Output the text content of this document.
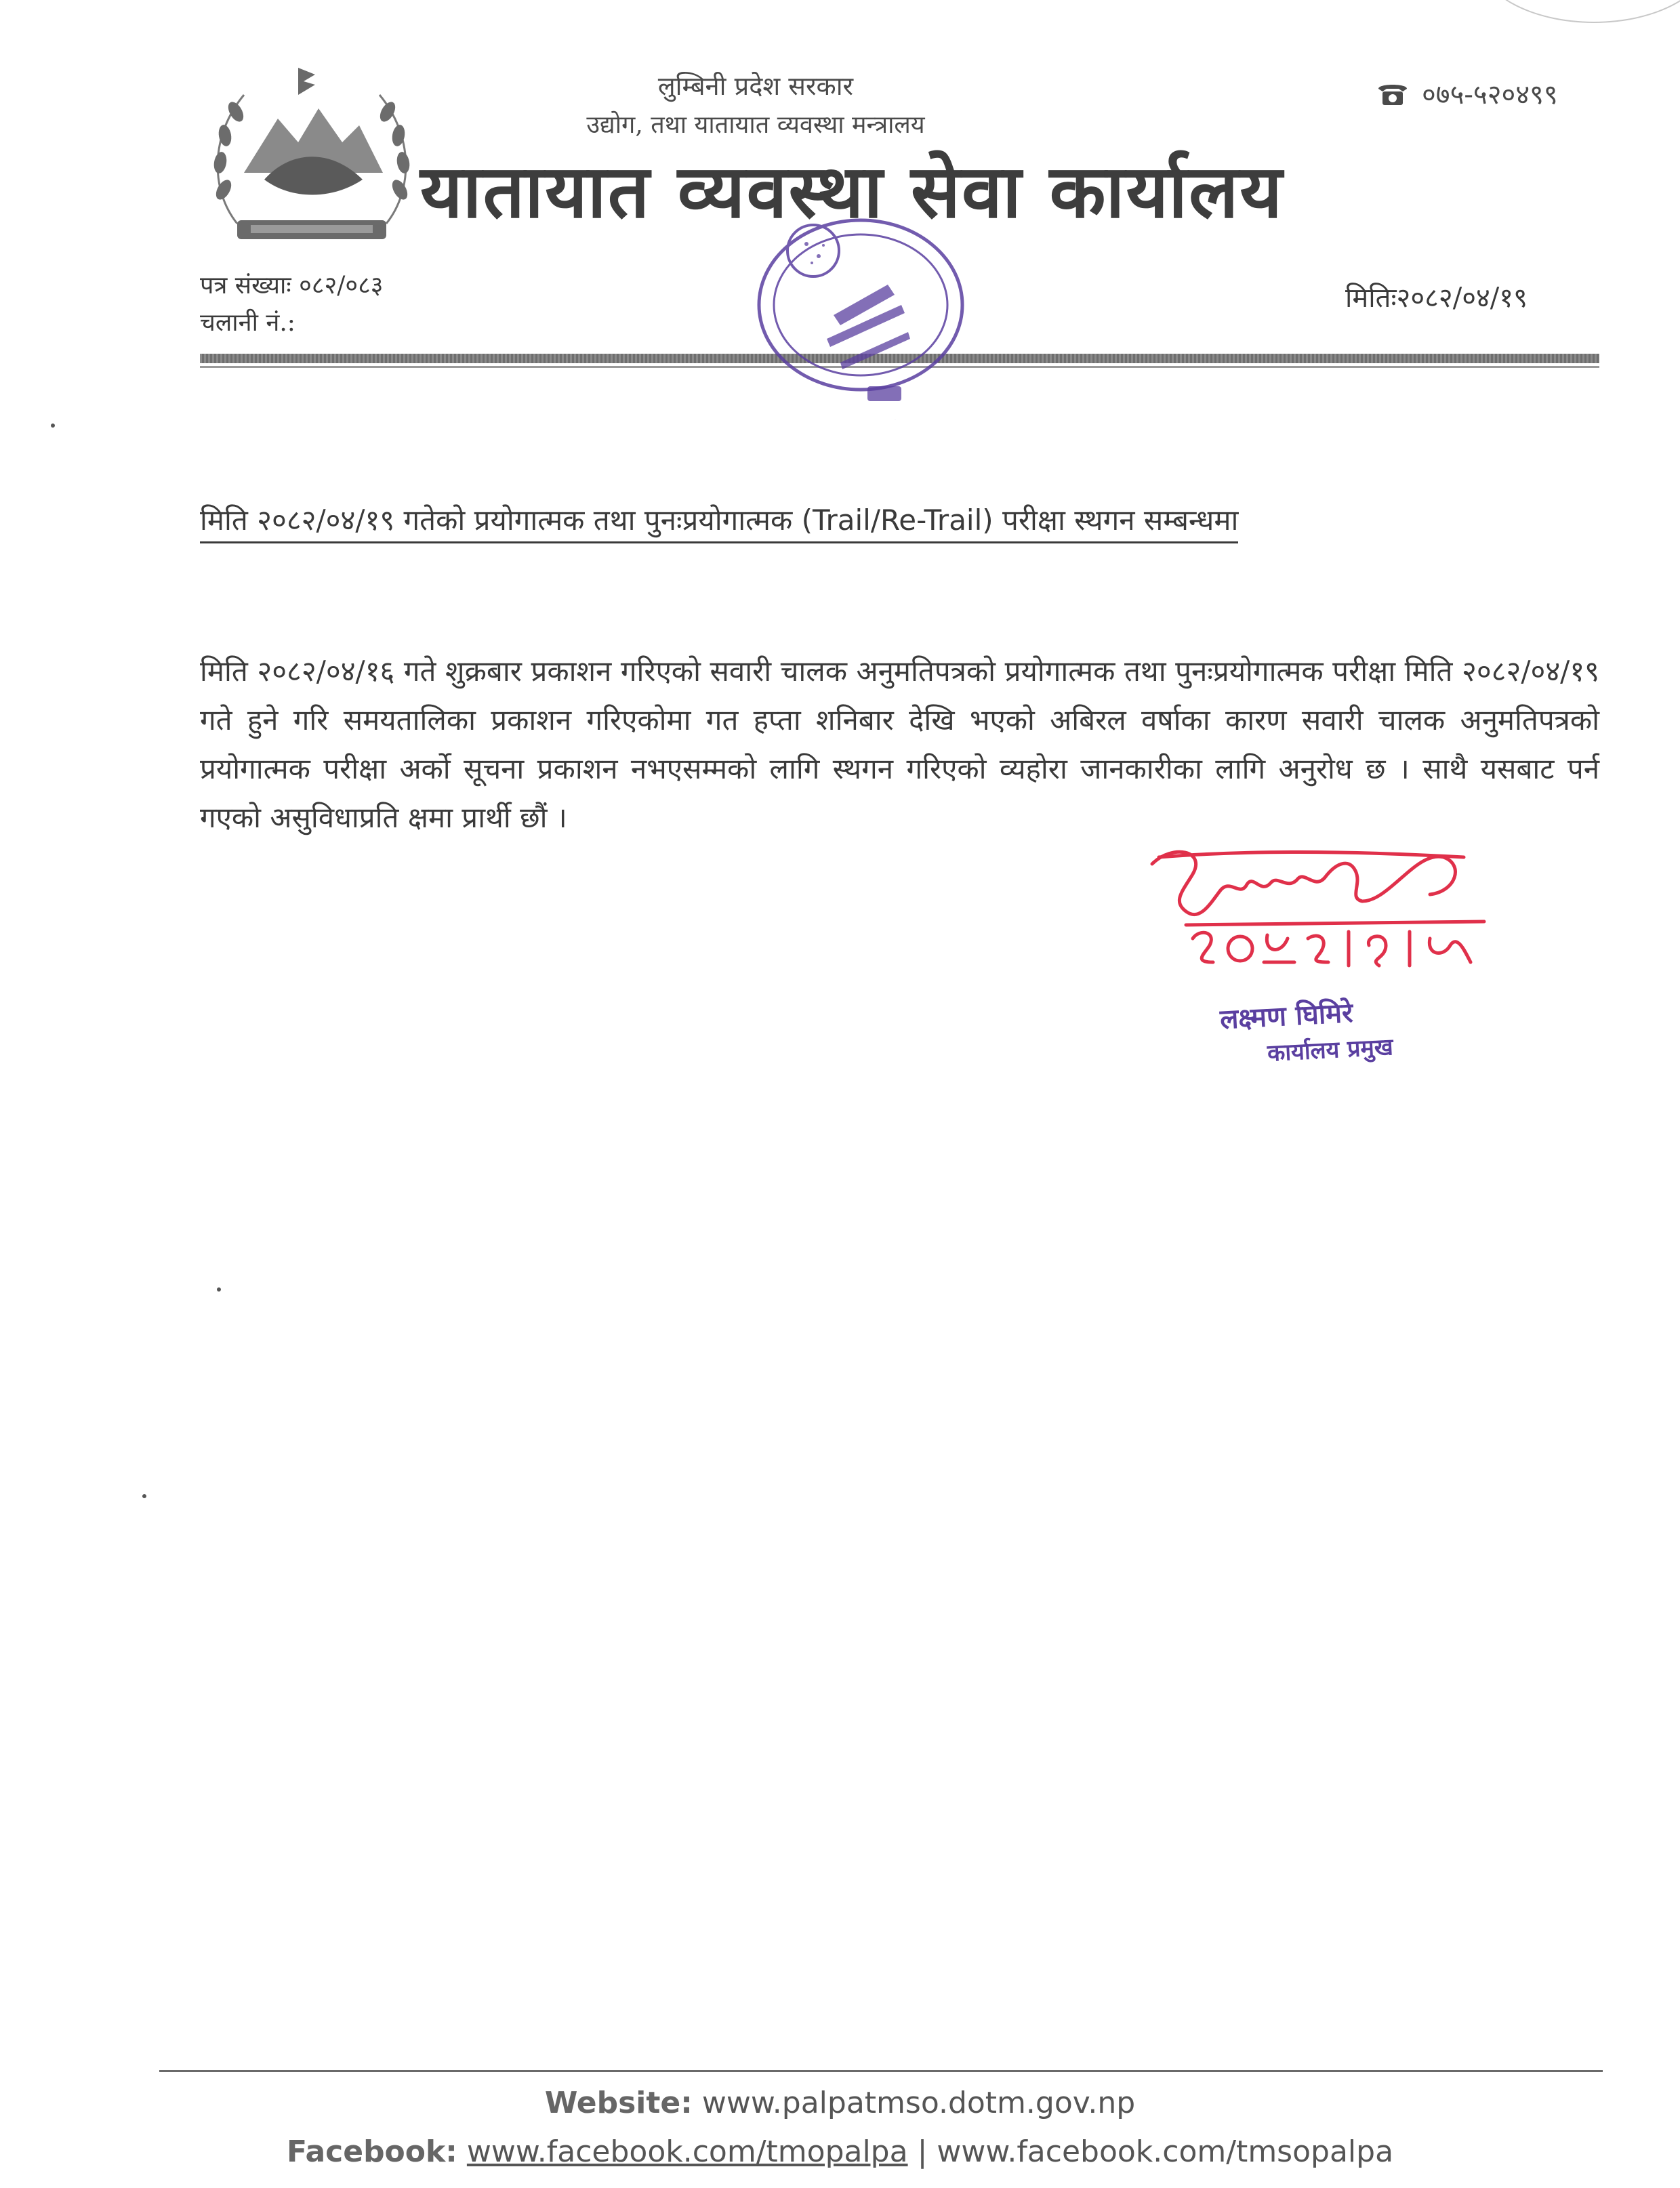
लुम्बिनी प्रदेश सरकार
उद्योग, तथा यातायात व्यवस्था मन्त्रालय
यातायात व्यवस्था सेवा कार्यालय
०७५-५२०४९९
पत्र संख्याः ०८२/०८३
चलानी नं.:
मितिः२०८२/०४/१९
मिति २०८२/०४/१९ गतेको प्रयोगात्मक तथा पुनःप्रयोगात्मक (Trail/Re-Trail) परीक्षा स्थगन सम्बन्धमा
मिति २०८२/०४/१६ गते शुक्रबार प्रकाशन गरिएको सवारी चालक अनुमतिपत्रको प्रयोगात्मक तथा पुनःप्रयोगात्मक परीक्षा मिति २०८२/०४/१९ गते हुने गरि समयतालिका प्रकाशन गरिएकोमा गत हप्ता शनिबार देखि भएको अबिरल वर्षाका कारण सवारी चालक अनुमतिपत्रको प्रयोगात्मक परीक्षा अर्को सूचना प्रकाशन नभएसम्मको लागि स्थगन गरिएको व्यहोरा जानकारीका लागि अनुरोध छ । साथै यसबाट पर्न गएको असुविधाप्रति क्षमा प्रार्थी छौं ।
लक्ष्मण घिमिरे
कार्यालय प्रमुख
Website: www.palpatmso.dotm.gov.np
Facebook: www.facebook.com/tmopalpa | www.facebook.com/tmsopalpa
